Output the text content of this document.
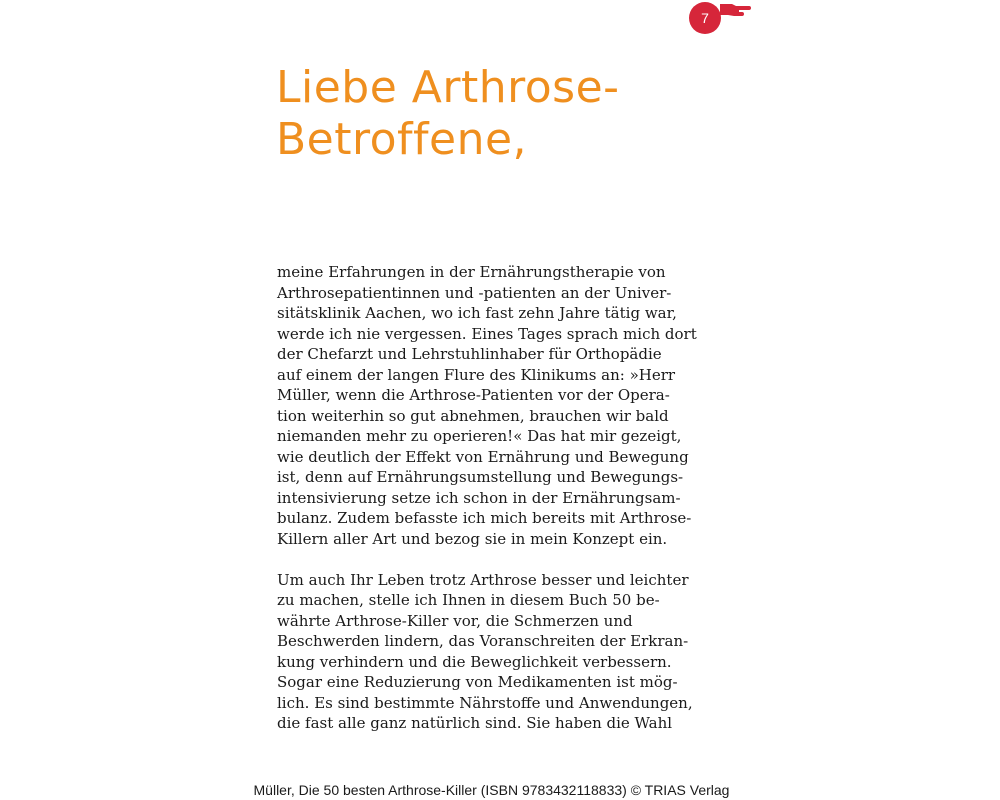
7
Liebe Arthrose-
Betroffene,
meine Erfahrungen in der Ernährungstherapie von
Arthrosepatientinnen und -patienten an der Univer-
sitätsklinik Aachen, wo ich fast zehn Jahre tätig war,
werde ich nie vergessen. Eines Tages sprach mich dort
der Chefarzt und Lehrstuhlinhaber für Orthopädie
auf einem der langen Flure des Klinikums an: »Herr
Müller, wenn die Arthrose-Patienten vor der Opera-
tion weiterhin so gut abnehmen, brauchen wir bald
niemanden mehr zu operieren!« Das hat mir gezeigt,
wie deutlich der Effekt von Ernährung und Bewegung
ist, denn auf Ernährungsumstellung und Bewegungs-
intensivierung setze ich schon in der Ernährungsam-
bulanz. Zudem befasste ich mich bereits mit Arthrose-
Killern aller Art und bezog sie in mein Konzept ein.
Um auch Ihr Leben trotz Arthrose besser und leichter
zu machen, stelle ich Ihnen in diesem Buch 50 be-
währte Arthrose-Killer vor, die Schmerzen und
Beschwerden lindern, das Voranschreiten der Erkran-
kung verhindern und die Beweglichkeit verbessern.
Sogar eine Reduzierung von Medikamenten ist mög-
lich. Es sind bestimmte Nährstoffe und Anwendungen,
die fast alle ganz natürlich sind. Sie haben die Wahl
Müller, Die 50 besten Arthrose-Killer (ISBN 9783432118833) © TRIAS Verlag
